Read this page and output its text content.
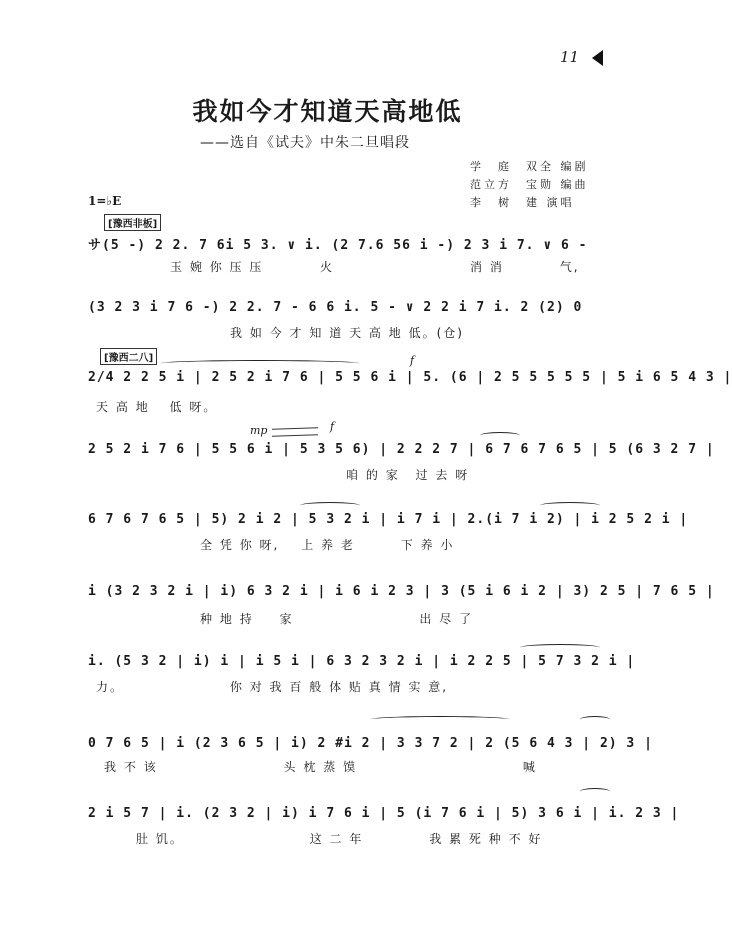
11
我如今才知道天高地低
——选自《试夫》中朱二旦唱段
学　庭　双全 编剧
范立方　宝勋 编曲
李　树　建 演唱
1=♭E
[豫西非板]
[豫西二八]	f
mp	f
サ(5 ‐) 2 2. 7 6i 5 3. ∨ i. (2 7.6 56 i ‐) 2 3 i 7. ∨ 6 ‐
玉 婉 你 压 压	火	消 消	气,
(3 2 3 i 7 6 ‐) 2 2. 7 ‐ 6 6 i. 5 ‐ ∨ 2 2 i 7 i. 2 (2) 0
我 如 今 才 知 道 天 高 地 低。(仓)
2/4 2 2 5 i | 2 5 2 i 7 6 | 5 5 6 i | 5. (6 | 2 5 5 5 5 5 | 5 i 6 5 4 3 |
天 高 地 低 呀。
2 5 2 i 7 6 | 5 5 6 i | 5 3 5 6) | 2 2 2 7 | 6 7 6 7 6 5 | 5 (6 3 2 7 |
咱 的 家 过 去 呀
6 7 6 7 6 5 | 5) 2 i 2 | 5 3 2 i | i 7 i | 2.(i 7 i 2) | i 2 5 2 i |
全 凭 你 呀, 上 养 老	下 养 小
i (3 2 3 2 i | i) 6 3 2 i | i 6 i 2 3 | 3 (5 i 6 i 2 | 3) 2 5 | 7 6 5 |
种 地 持 家	出 尽 了
i. (5 3 2 | i) i | i 5 i | 6 3 2 3 2 i | i 2 2 5 | 5 7 3 2 i |
力。	你 对 我 百 般 体 贴 真 情 实 意,
0 7 6 5 | i (2 3 6 5 | i) 2 #i 2 | 3 3 7 2 | 2 (5 6 4 3 | 2) 3 |
我 不 该	头 枕 蒸 馍	喊
2 i 5 7 | i. (2 3 2 | i) i 7 6 i | 5 (i 7 6 i | 5) 3 6 i | i. 2 3 |
肚 饥。	这 二 年	我 累 死 种 不 好
